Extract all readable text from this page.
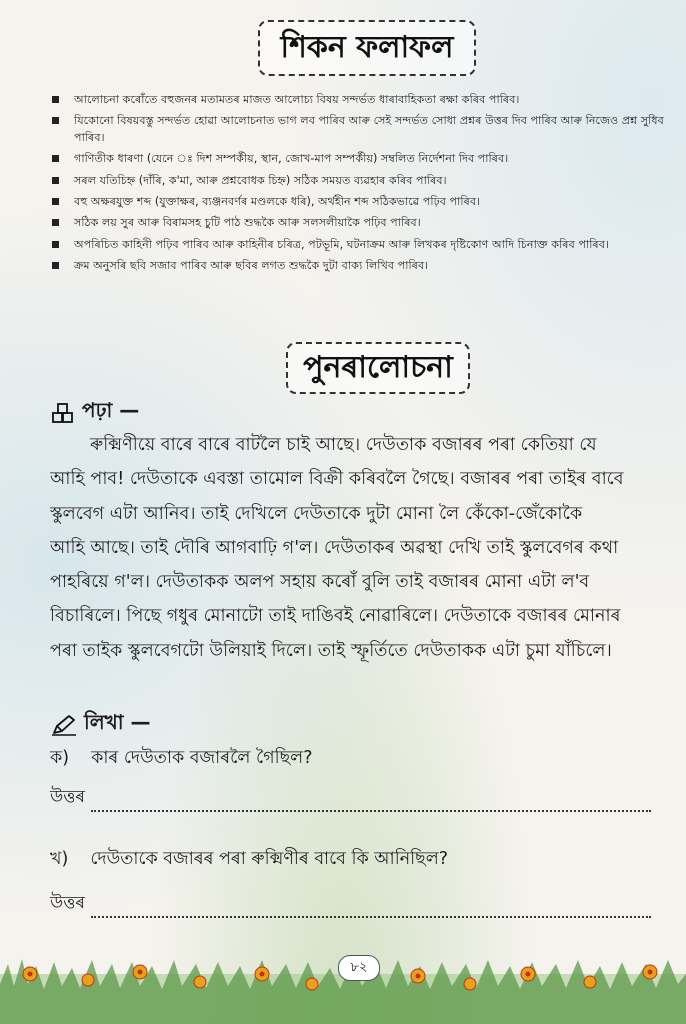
শিকন ফলাফল
আলোচনা কৰোঁতে বহুজনৰ মতামতৰ মাজত আলোচ্য বিষয় সন্দৰ্ভত ধাৰাবাহিকতা ৰক্ষা কৰিব পাৰিব।
যিকোনো বিষয়বস্তু সন্দৰ্ভত হোৱা আলোচনাত ভাগ লব পাৰিব আৰু সেই সন্দৰ্ভত সোধা প্ৰশ্নৰ উত্তৰ দিব পাৰিব আৰু নিজেও প্ৰশ্ন সুধিব পাৰিব।
গাণিতীক ধাৰণা (যেনে ঃ দিশ সম্পৰ্কীয়, স্থান, জোখ-মাপ সম্পৰ্কীয়) সম্বলিত নিৰ্দেশনা দিব পাৰিব।
সৰল যতিচিহ্ন (দাঁৰি, ক'মা, আৰু প্ৰশ্নবোধক চিহ্ন) সঠিক সময়ত ব্যৱহাৰ কৰিব পাৰিব।
বহু অক্ষৰযুক্ত শব্দ (যুক্তাক্ষৰ, ব্যঞ্জনবৰ্ণৰ মণ্ডলকে ধৰি), অৰ্থহীন শব্দ সঠিকভাৱে পঢ়িব পাৰিব।
সঠিক লয় সুৰ আৰু বিৰামসহ চুটি পাঠ শুদ্ধকৈ আৰু সলসলীয়াকৈ পঢ়িব পাৰিব।
অপৰিচিত কাহিনী পঢ়িব পাৰিব আৰু কাহিনীৰ চৰিত্ৰ, পটভূমি, ঘটনাক্ৰম আৰু লিখকৰ দৃষ্টিকোণ আদি চিনাক্ত কৰিব পাৰিব।
ক্ৰম অনুসৰি ছবি সজাব পাৰিব আৰু ছবিৰ লগত শুদ্ধকৈ দুটা বাক্য লিখিব পাৰিব।
পুনৰালোচনা
পঢ়া —
ৰুক্মিণীয়ে বাৰে বাৰে বাটলৈ চাই আছে। দেউতাক বজাৰৰ পৰা কেতিয়া যে
আহি পাব! দেউতাকে এবস্তা তামোল বিক্ৰী কৰিবলৈ গৈছে। বজাৰৰ পৰা তাইৰ বাবে
স্কুলবেগ এটা আনিব। তাই দেখিলে দেউতাকে দুটা মোনা লৈ কেঁকো-জেঁকোকৈ
আহি আছে। তাই দৌৰি আগবাঢ়ি গ'ল। দেউতাকৰ অৱস্থা দেখি তাই স্কুলবেগৰ কথা
পাহৰিয়ে গ'ল। দেউতাকক অলপ সহায় কৰোঁ বুলি তাই বজাৰৰ মোনা এটা ল'ব
বিচাৰিলে। পিছে গধুৰ মোনাটো তাই দাঙিবই নোৱাৰিলে। দেউতাকে বজাৰৰ মোনাৰ
পৰা তাইক স্কুলবেগটো উলিয়াই দিলে। তাই স্ফূৰ্তিতে দেউতাকক এটা চুমা যাঁচিলে।
লিখা —
ক) কাৰ দেউতাক বজাৰলৈ গৈছিল?
উত্তৰ
খ) দেউতাকে বজাৰৰ পৰা ৰুক্মিণীৰ বাবে কি আনিছিল?
উত্তৰ
৮২
